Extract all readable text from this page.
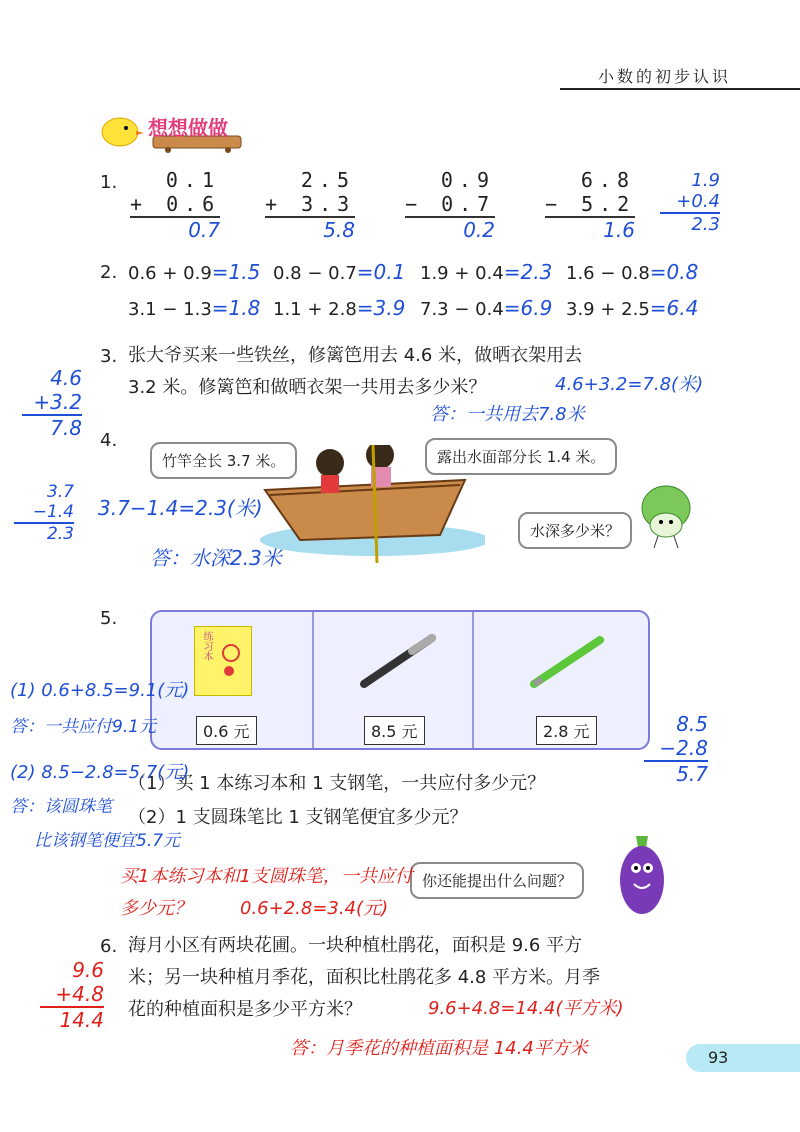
小数的初步认识
想想做做
1.	0.1
+ 0.6
0.7
2.5
+ 3.3
5.8
0.9
− 0.7
0.2
6.8
− 5.2
1.6
1.9
+0.4
2.3
2. 0.6 + 0.9=1.5 0.8 − 0.7=0.1 1.9 + 0.4=2.3 1.6 − 0.8=0.8
3.1 − 1.3=1.8 1.1 + 2.8=3.9 7.3 − 0.4=6.9 3.9 + 2.5=6.4
3. 张大爷买来一些铁丝，修篱笆用去 4.6 米，做晒衣架用去
3.2 米。修篱笆和做晒衣架一共用去多少米？	4.6+3.2=7.8(米)
答：一共用去7.8米
4.6
+3.2
7.8
4.
竹竿全长 3.7 米。	露出水面部分长 1.4 米。
水深多少米？
3.7−1.4=2.3(米)
答：水深2.3米
3.7
−1.4
2.3
5.
练习本
0.6 元	8.5 元	2.8 元
（1）买 1 本练习本和 1 支钢笔，一共应付多少元？
（2）1 支圆珠笔比 1 支钢笔便宜多少元？
(1) 0.6+8.5=9.1(元)
答：一共应付9.1元
(2) 8.5−2.8=5.7(元)
答：该圆珠笔
比该钢笔便宜5.7元
8.5
−2.8
5.7
你还能提出什么问题？
买1本练习本和1支圆珠笔，一共应付
多少元？	0.6+2.8=3.4(元)
6. 海月小区有两块花圃。一块种植杜鹃花，面积是 9.6 平方
米；另一块种植月季花，面积比杜鹃花多 4.8 平方米。月季
花的种植面积是多少平方米？	9.6+4.8=14.4(平方米)
答：月季花的种植面积是 14.4平方米
9.6
+4.8
14.4
93
